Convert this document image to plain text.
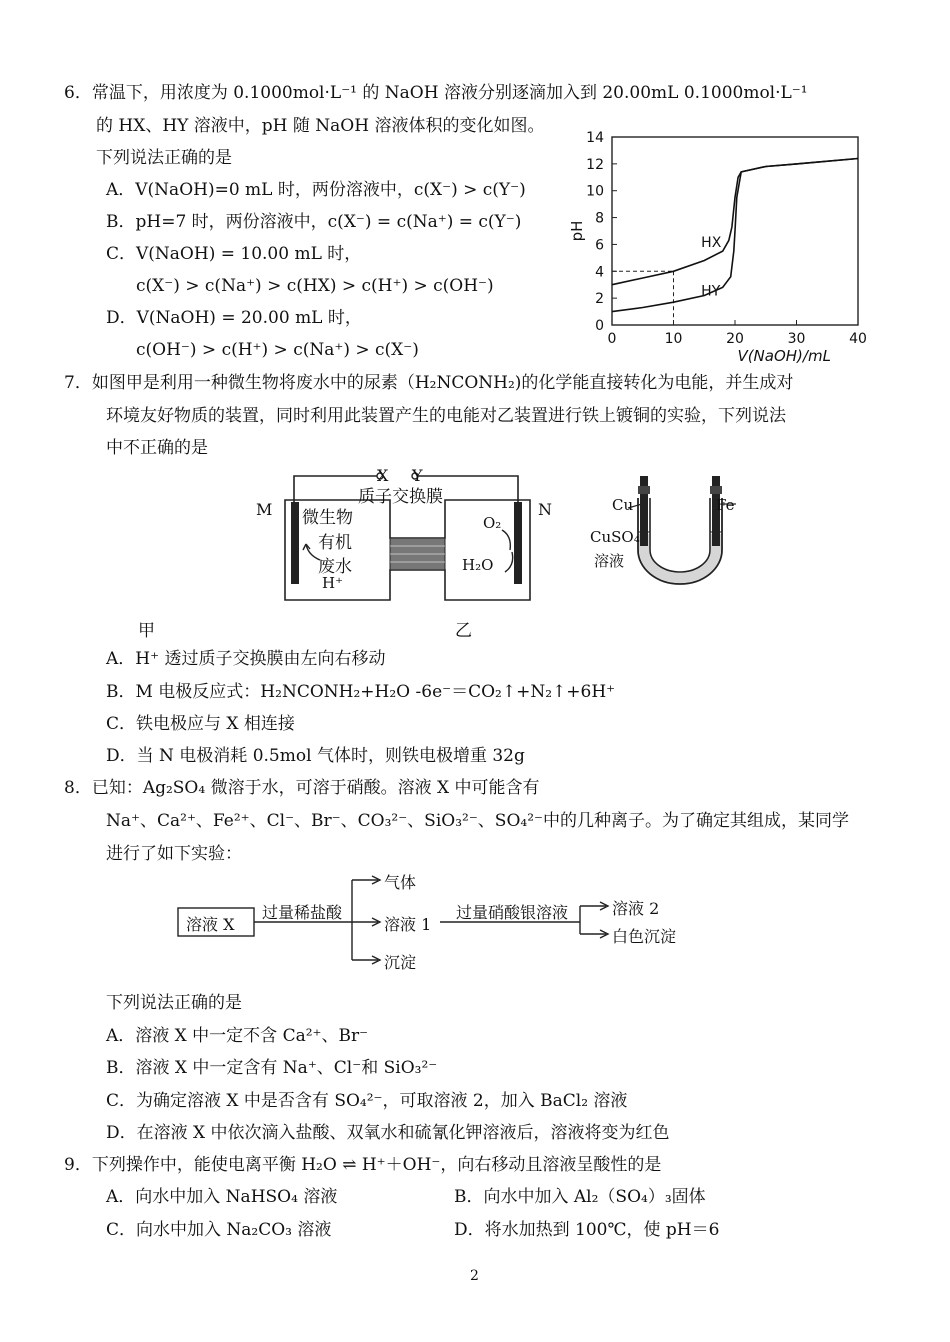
6．常温下，用浓度为 0.1000mol·L⁻¹ 的 NaOH 溶液分别逐滴加入到 20.00mL 0.1000mol·L⁻¹
的 HX、HY 溶液中，pH 随 NaOH 溶液体积的变化如图。
下列说法正确的是
A．V(NaOH)=0 mL 时，两份溶液中，c(X⁻) > c(Y⁻)
B．pH=7 时，两份溶液中，c(X⁻) = c(Na⁺) = c(Y⁻)
C．V(NaOH) = 10.00 mL 时，
c(X⁻) > c(Na⁺) > c(HX) > c(H⁺) > c(OH⁻)
D．V(NaOH) = 20.00 mL 时，
c(OH⁻) > c(H⁺) > c(Na⁺) > c(X⁻)
0
2
4
6
8
10
12
14
0	10	20	30	40
pH
V(NaOH)/mL
HX
HY
7．如图甲是利用一种微生物将废水中的尿素（H₂NCONH₂)的化学能直接转化为电能，并生成对
环境友好物质的装置，同时利用此装置产生的电能对乙装置进行铁上镀铜的实验，下列说法
中不正确的是
X Y
质子交换膜
M	N
微生物
有机
废水
H⁺
O₂
H₂O
甲
Cu	Fe
CuSO₄
溶液
乙
A．H⁺ 透过质子交换膜由左向右移动
B．M 电极反应式：H₂NCONH₂+H₂O -6e⁻＝CO₂↑+N₂↑+6H⁺
C．铁电极应与 X 相连接
D．当 N 电极消耗 0.5mol 气体时，则铁电极增重 32g
8．已知：Ag₂SO₄ 微溶于水，可溶于硝酸。溶液 X 中可能含有
Na⁺、Ca²⁺、Fe²⁺、Cl⁻、Br⁻、CO₃²⁻、SiO₃²⁻、SO₄²⁻中的几种离子。为了确定其组成，某同学
进行了如下实验：
溶液 X
过量稀盐酸
气体
溶液 1
沉淀
过量硝酸银溶液	溶液 2
白色沉淀
下列说法正确的是
A．溶液 X 中一定不含 Ca²⁺、Br⁻
B．溶液 X 中一定含有 Na⁺、Cl⁻和 SiO₃²⁻
C．为确定溶液 X 中是否含有 SO₄²⁻，可取溶液 2，加入 BaCl₂ 溶液
D．在溶液 X 中依次滴入盐酸、双氧水和硫氰化钾溶液后，溶液将变为红色
9．下列操作中，能使电离平衡 H₂O ⇌ H⁺＋OH⁻，向右移动且溶液呈酸性的是
A．向水中加入 NaHSO₄ 溶液	B．向水中加入 Al₂（SO₄）₃固体
C．向水中加入 Na₂CO₃ 溶液	D．将水加热到 100℃，使 pH＝6
2
